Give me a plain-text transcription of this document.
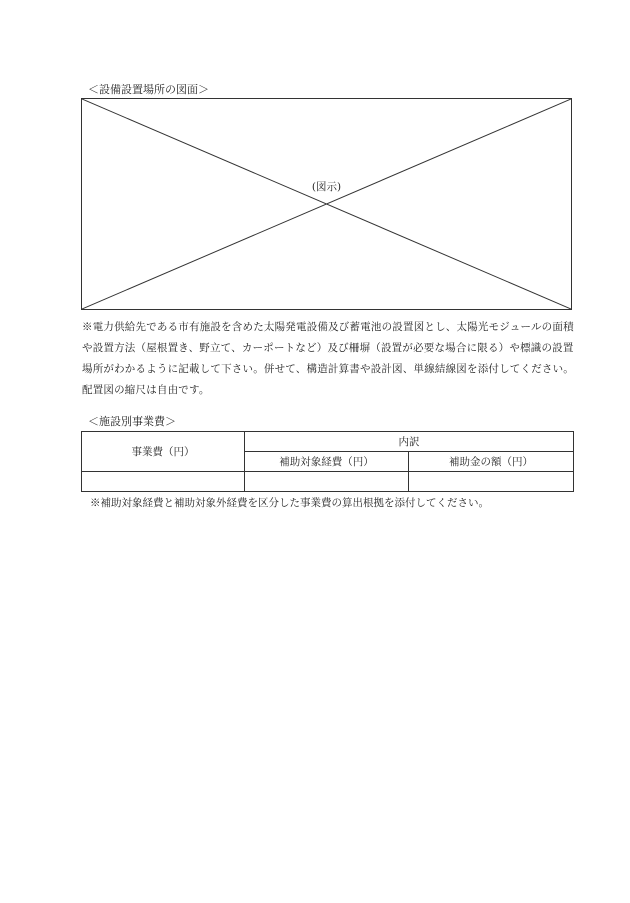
＜設備設置場所の図面＞
(図示)
※電力供給先である市有施設を含めた太陽発電設備及び蓄電池の設置図とし、太陽光モジュールの面積や設置方法（屋根置き、野立て、カーポートなど）及び柵塀（設置が必要な場合に限る）や標識の設置場所がわかるように記載して下さい。併せて、構造計算書や設計図、単線結線図を添付してください。配置図の縮尺は自由です。
＜施設別事業費＞
事業費（円）	内訳	
	補助対象経費（円）	補助金の額（円）

※補助対象経費と補助対象外経費を区分した事業費の算出根拠を添付してください。
